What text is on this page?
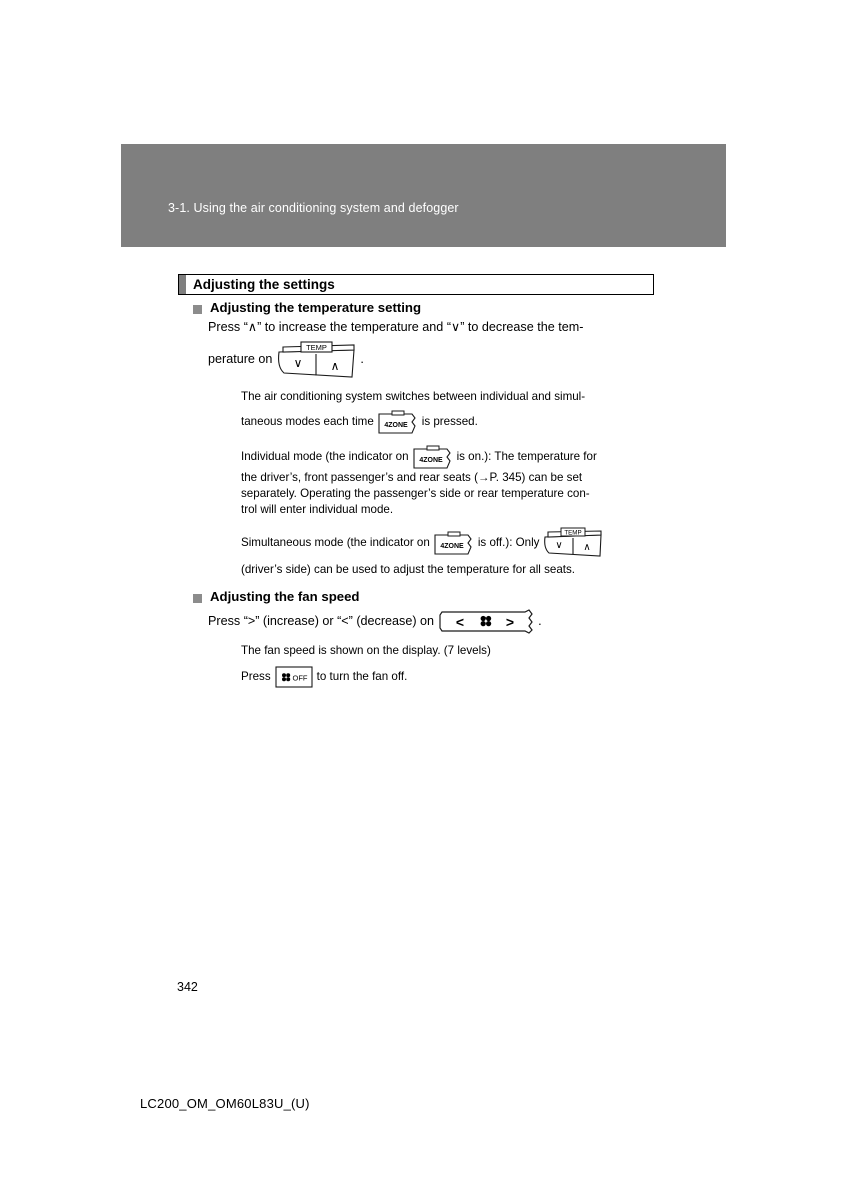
3-1. Using the air conditioning system and defogger
Adjusting the settings
Adjusting the temperature setting
Press “∧” to increase the temperature and “∨” to decrease the tem-
perature on
TEMP
∨ ∧ .
The air conditioning system switches between individual and simul-
taneous modes each time 4ZONE is pressed.
Individual mode (the indicator on 4ZONE is on.): The temperature for
the driver’s, front passenger’s and rear seats (→P. 345) can be set
separately. Operating the passenger’s side or rear temperature con-
trol will enter individual mode.
Simultaneous mode (the indicator on 4ZONE is off.): Only
TEMP
∨ ∧
(driver’s side) can be used to adjust the temperature for all seats.
Adjusting the fan speed
Press “>” (increase) or “<” (decrease) on <	> .
The fan speed is shown on the display. (7 levels)
Press	OFF to turn the fan off.
342
LC200_OM_OM60L83U_(U)
